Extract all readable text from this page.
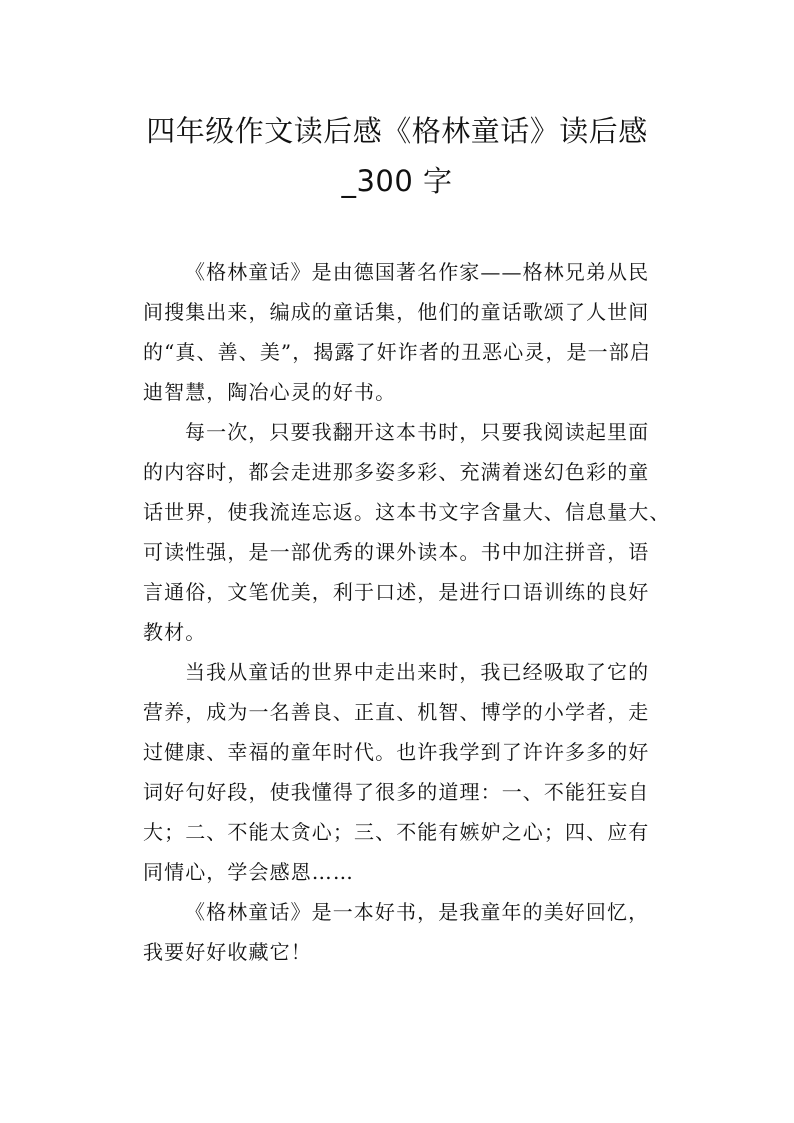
四年级作文读后感《格林童话》读后感
_300 字
《格林童话》是由德国著名作家——格林兄弟从民
间搜集出来，编成的童话集，他们的童话歌颂了人世间
的“真、善、美”，揭露了奸诈者的丑恶心灵，是一部启
迪智慧，陶冶心灵的好书。
每一次，只要我翻开这本书时，只要我阅读起里面
的内容时，都会走进那多姿多彩、充满着迷幻色彩的童
话世界，使我流连忘返。这本书文字含量大、信息量大、
可读性强，是一部优秀的课外读本。书中加注拼音，语
言通俗，文笔优美，利于口述，是进行口语训练的良好
教材。
当我从童话的世界中走出来时，我已经吸取了它的
营养，成为一名善良、正直、机智、博学的小学者，走
过健康、幸福的童年时代。也许我学到了许许多多的好
词好句好段，使我懂得了很多的道理：一、不能狂妄自
大；二、不能太贪心；三、不能有嫉妒之心；四、应有
同情心，学会感恩……
《格林童话》是一本好书，是我童年的美好回忆，
我要好好收藏它！
